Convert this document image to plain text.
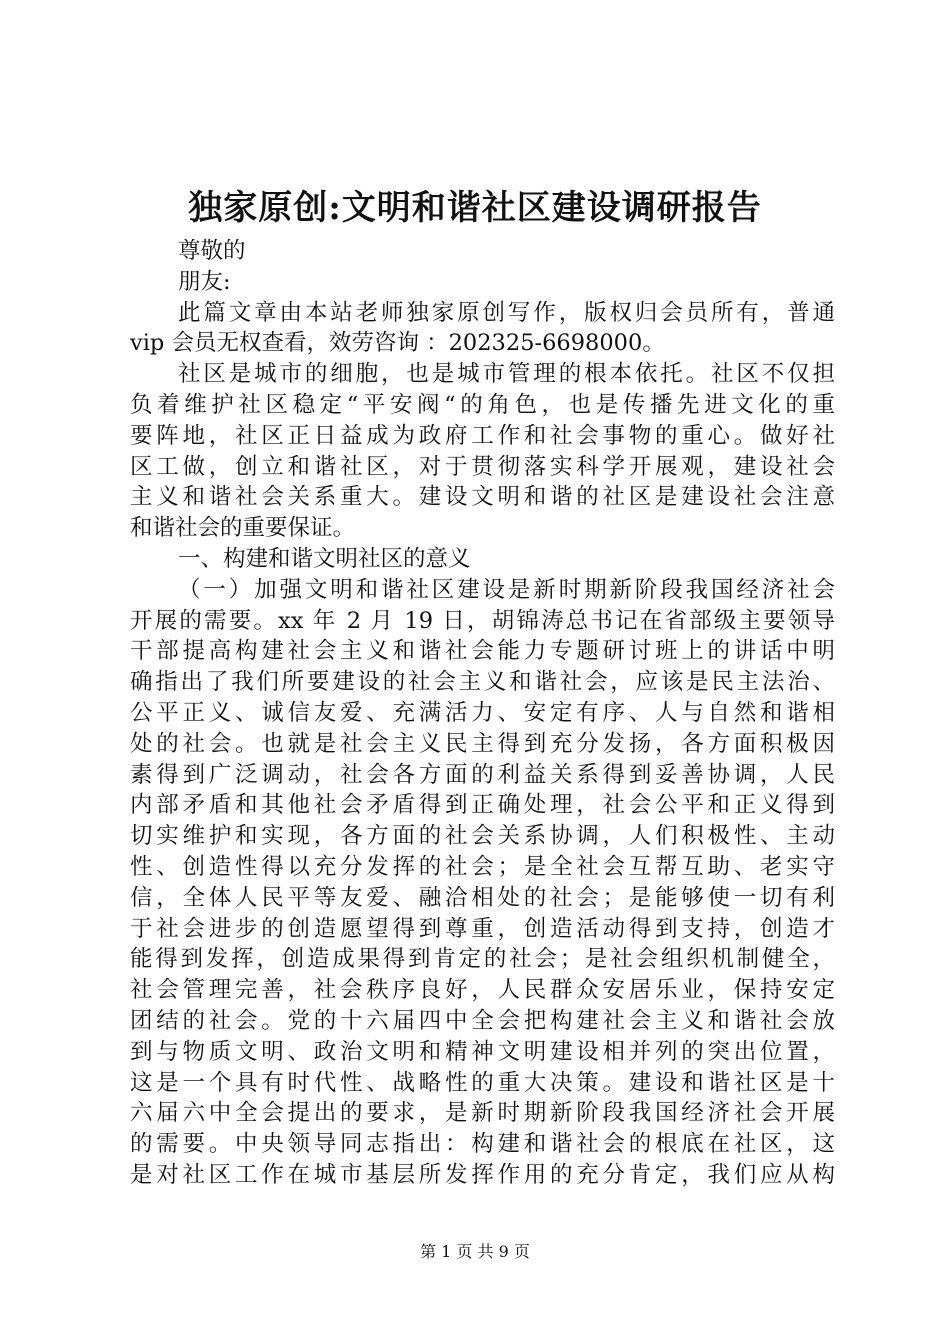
独家原创:文明和谐社区建设调研报告
尊敬的
朋友:
此篇文章由本站老师独家原创写作，版权归会员所有，普通
vip 会员无权查看，效劳咨询 ：202325-6698000。
社区是城市的细胞，也是城市管理的根本依托。社区不仅担
负着维护社区稳定“平安阀“的角色，也是传播先进文化的重
要阵地，社区正日益成为政府工作和社会事物的重心。做好社
区工做，创立和谐社区，对于贯彻落实科学开展观，建设社会
主义和谐社会关系重大。建设文明和谐的社区是建设社会注意
和谐社会的重要保证。
一、构建和谐文明社区的意义
（一）加强文明和谐社区建设是新时期新阶段我国经济社会
开展的需要。xx 年 2 月 19 日，胡锦涛总书记在省部级主要领导
干部提高构建社会主义和谐社会能力专题研讨班上的讲话中明
确指出了我们所要建设的社会主义和谐社会，应该是民主法治、
公平正义、诚信友爱、充满活力、安定有序、人与自然和谐相
处的社会。也就是社会主义民主得到充分发扬，各方面积极因
素得到广泛调动，社会各方面的利益关系得到妥善协调，人民
内部矛盾和其他社会矛盾得到正确处理，社会公平和正义得到
切实维护和实现，各方面的社会关系协调，人们积极性、主动
性、创造性得以充分发挥的社会；是全社会互帮互助、老实守
信，全体人民平等友爱、融洽相处的社会；是能够使一切有利
于社会进步的创造愿望得到尊重，创造活动得到支持，创造才
能得到发挥，创造成果得到肯定的社会；是社会组织机制健全，
社会管理完善，社会秩序良好，人民群众安居乐业，保持安定
团结的社会。党的十六届四中全会把构建社会主义和谐社会放
到与物质文明、政治文明和精神文明建设相并列的突出位置，
这是一个具有时代性、战略性的重大决策。建设和谐社区是十
六届六中全会提出的要求，是新时期新阶段我国经济社会开展
的需要。中央领导同志指出：构建和谐社会的根底在社区，这
是对社区工作在城市基层所发挥作用的充分肯定，我们应从构
第 1 页 共 9 页
